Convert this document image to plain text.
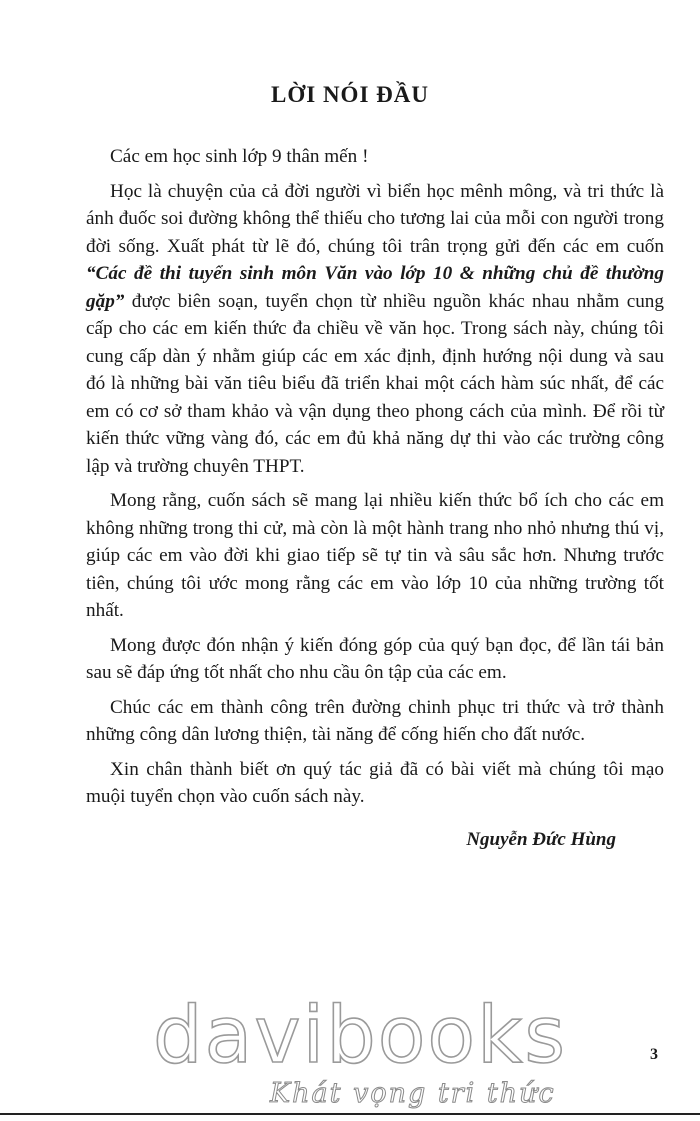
LỜI NÓI ĐẦU

Các em học sinh lớp 9 thân mến !

Học là chuyện của cả đời người vì biển học mênh mông, và tri thức là ánh đuốc soi đường không thể thiếu cho tương lai của mỗi con người trong đời sống. Xuất phát từ lẽ đó, chúng tôi trân trọng gửi đến các em cuốn “Các đề thi tuyển sinh môn Văn vào lớp 10 & những chủ đề thường gặp” được biên soạn, tuyển chọn từ nhiều nguồn khác nhau nhằm cung cấp cho các em kiến thức đa chiều về văn học. Trong sách này, chúng tôi cung cấp dàn ý nhằm giúp các em xác định, định hướng nội dung và sau đó là những bài văn tiêu biểu đã triển khai một cách hàm súc nhất, để các em có cơ sở tham khảo và vận dụng theo phong cách của mình. Để rồi từ kiến thức vững vàng đó, các em đủ khả năng dự thi vào các trường công lập và trường chuyên THPT.

Mong rằng, cuốn sách sẽ mang lại nhiều kiến thức bổ ích cho các em không những trong thi cử, mà còn là một hành trang nho nhỏ nhưng thú vị, giúp các em vào đời khi giao tiếp sẽ tự tin và sâu sắc hơn. Nhưng trước tiên, chúng tôi ước mong rằng các em vào lớp 10 của những trường tốt nhất.

Mong được đón nhận ý kiến đóng góp của quý bạn đọc, để lần tái bản sau sẽ đáp ứng tốt nhất cho nhu cầu ôn tập của các em.

Chúc các em thành công trên đường chinh phục tri thức và trở thành những công dân lương thiện, tài năng để cống hiến cho đất nước.

Xin chân thành biết ơn quý tác giả đã có bài viết mà chúng tôi mạo muội tuyển chọn vào cuốn sách này.

Nguyễn Đức Hùng
3
davibooks
Khát vọng tri thức
